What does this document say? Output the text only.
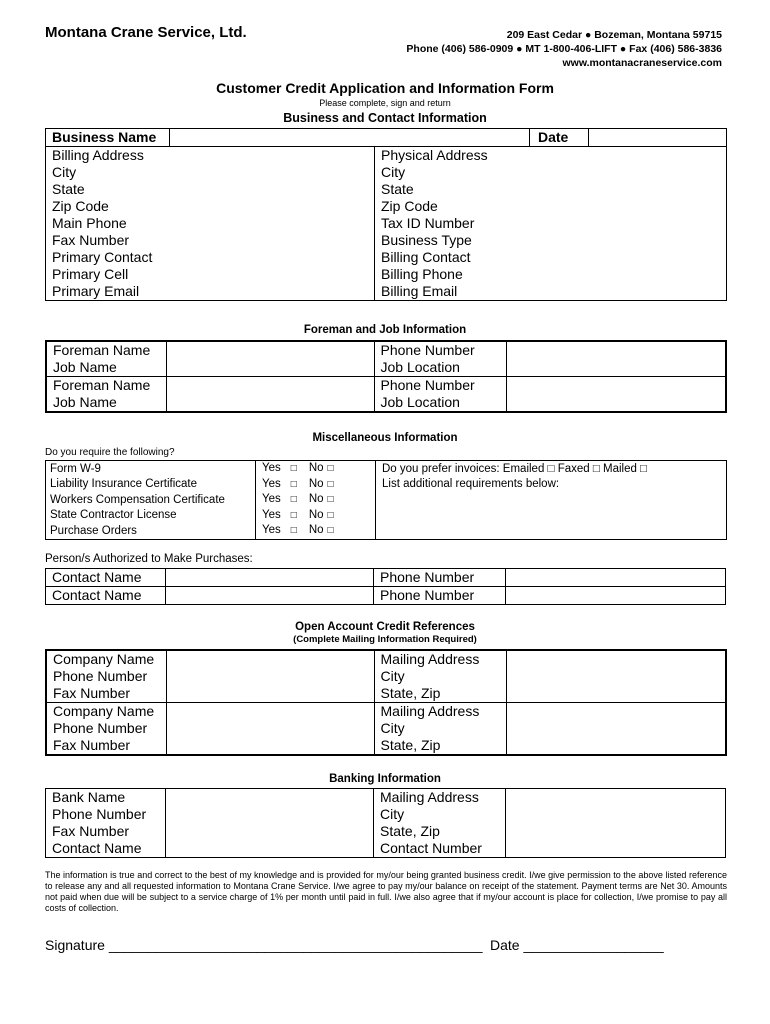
Montana Crane Service, Ltd.	209 East Cedar ● Bozeman, Montana 59715
Phone (406) 586-0909 ● MT 1-800-406-LIFT ● Fax (406) 586-3836
www.montanacraneservice.com
Customer Credit Application and Information Form
Please complete, sign and return
Business and Contact Information
Business Name			Date	

Billing Address		Physical Address	
City		City	
State		State	
Zip Code		Zip Code	
Main Phone		Tax ID Number	
Fax Number		Business Type	
Primary Contact		Billing Contact	
Primary Cell		Billing Phone	
Primary Email		Billing Email	
Foreman and Job Information
Foreman Name		Phone Number	
Job Name		Job Location	
Foreman Name		Phone Number	
Job Name		Job Location	
Miscellaneous Information
Do you require the following?
Form W-9	Yes □ No □	Do you prefer invoices: Emailed □ Faxed □ Mailed □
Liability Insurance Certificate	Yes □ No □	List additional requirements below:
Workers Compensation Certificate	Yes □ No □	
State Contractor License	Yes □ No □	
Purchase Orders	Yes □ No □	
Person/s Authorized to Make Purchases:
Contact Name		Phone Number	
Contact Name		Phone Number	
Open Account Credit References
(Complete Mailing Information Required)
Company Name		Mailing Address	
Phone Number		City	
Fax Number		State, Zip	
Company Name		Mailing Address	
Phone Number		City	
Fax Number		State, Zip	
Banking Information
Bank Name		Mailing Address	
Phone Number		City	
Fax Number		State, Zip	
Contact Name		Contact Number	
The information is true and correct to the best of my knowledge and is provided for my/our being granted business credit. I/we give permission to the above listed reference to release any and all requested information to Montana Crane Service. I/we agree to pay my/our balance on receipt of the statement. Payment terms are Net 30. Amounts not paid when due will be subject to a service charge of 1% per month until paid in full. I/we also agree that if my/our account is place for collection, I/we promise to pay all costs of collection.
Signature ________________________________________________ Date __________________
